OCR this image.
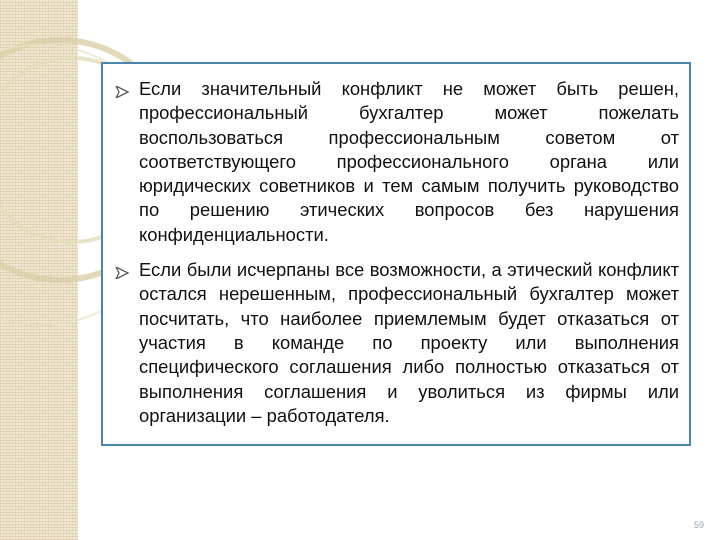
Если значительный конфликт не может быть решен, профессиональный бухгалтер может пожелать воспользоваться профессиональным советом от соответствующего профессионального органа или юридических советников и тем самым получить руководство по решению этических вопросов без нарушения конфиденциальности.

Если были исчерпаны все возможности, а этический конфликт остался нерешенным, профессиональный бухгалтер может посчитать, что наиболее приемлемым будет отказаться от участия в команде по проекту или выполнения специфического соглашения либо полностью отказаться от выполнения соглашения и уволиться из фирмы или организации – работодателя.

59
